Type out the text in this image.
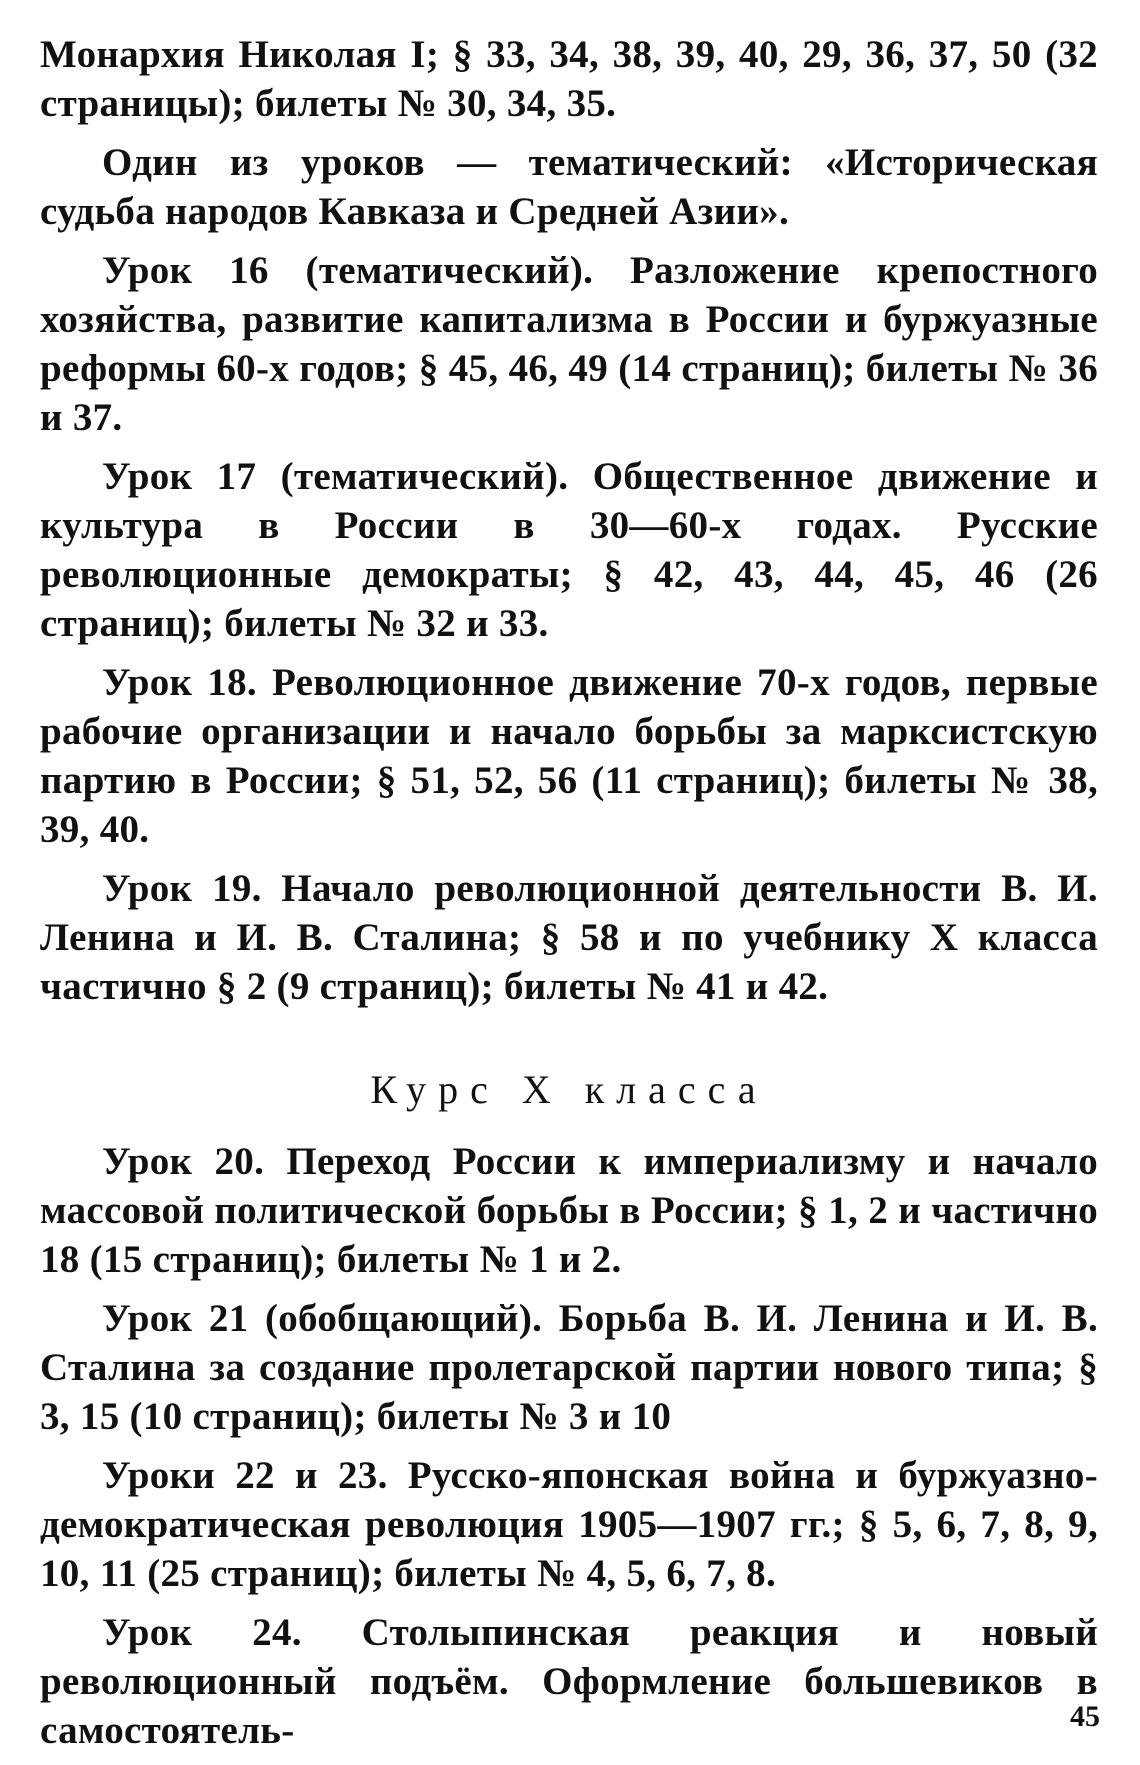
Монархия Николая I; § 33, 34, 38, 39, 40, 29, 36, 37, 50 (32 страницы); билеты № 30, 34, 35.

Один из уроков — тематический: «Историческая судьба народов Кавказа и Средней Азии».

Урок 16 (тематический). Разложение крепостного хозяйства, развитие капитализма в России и буржуазные реформы 60-х годов; § 45, 46, 49 (14 страниц); билеты № 36 и 37.

Урок 17 (тематический). Общественное движение и культура в России в 30—60-х годах. Русские революционные демократы; § 42, 43, 44, 45, 46 (26 страниц); билеты № 32 и 33.

Урок 18. Революционное движение 70-х годов, первые рабочие организации и начало борьбы за марксистскую партию в России; § 51, 52, 56 (11 страниц); билеты № 38, 39, 40.

Урок 19. Начало революционной деятельности В. И. Ленина и И. В. Сталина; § 58 и по учебнику X класса частично § 2 (9 страниц); билеты № 41 и 42.

Курс X класса

Урок 20. Переход России к империализму и начало массовой политической борьбы в России; § 1, 2 и частично 18 (15 страниц); билеты № 1 и 2.

Урок 21 (обобщающий). Борьба В. И. Ленина и И. В. Сталина за создание пролетарской партии нового типа; § 3, 15 (10 страниц); билеты № 3 и 10

Уроки 22 и 23. Русско-японская война и буржуазно-демократическая революция 1905—1907 гг.; § 5, 6, 7, 8, 9, 10, 11 (25 страниц); билеты № 4, 5, 6, 7, 8.

Урок 24. Столыпинская реакция и новый революционный подъём. Оформление большевиков в самостоятель-	45
